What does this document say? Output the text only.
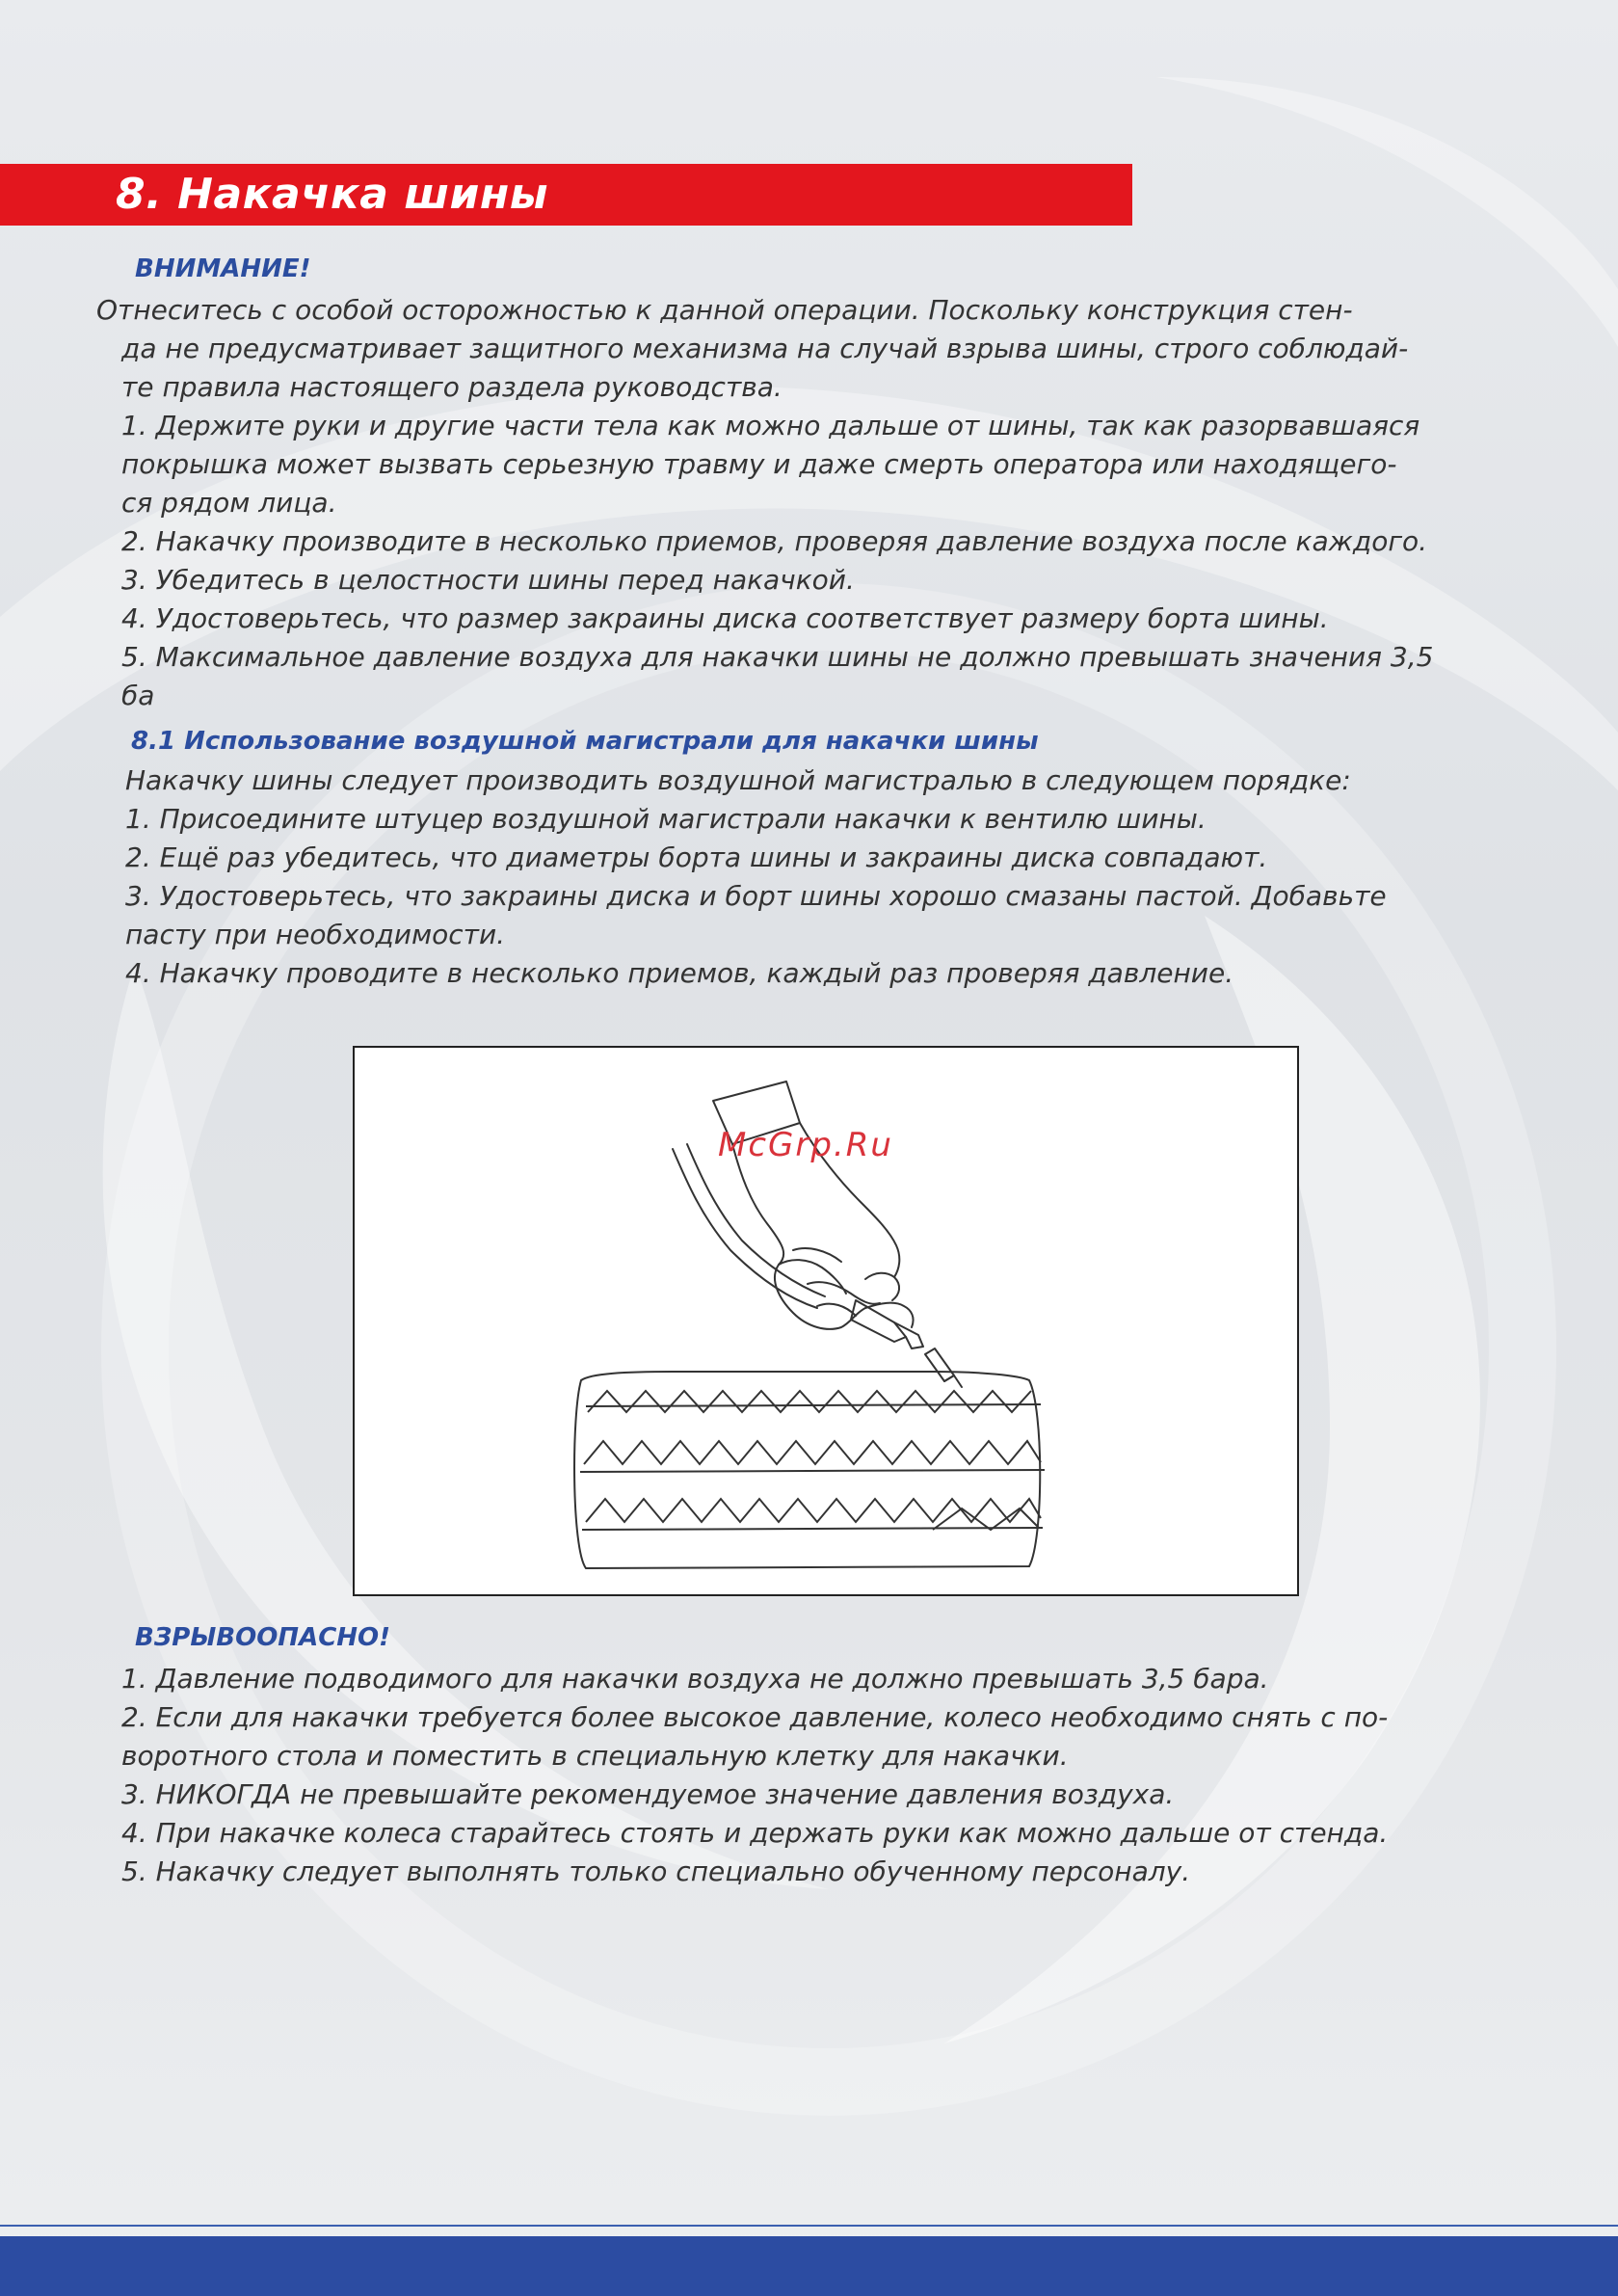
8. Накачка шины
ВНИМАНИЕ!

Отнеситесь с особой осторожностью к данной операции. Поскольку конструкция стен-

да не предусматривает защитного механизма на случай взрыва шины, строго соблюдай-

те правила настоящего раздела руководства.

1. Держите руки и другие части тела как можно дальше от шины, так как разорвавшаяся

покрышка может вызвать серьезную травму и даже смерть оператора или находящего-

ся рядом лица.

2. Накачку производите в несколько приемов, проверяя давление воздуха после каждого.

3. Убедитесь в целостности шины перед накачкой.

4. Удостоверьтесь, что размер закраины диска соответствует размеру борта шины.

5. Максимальное давление воздуха для накачки шины не должно превышать значения 3,5

ба

8.1 Использование воздушной магистрали для накачки шины

Накачку шины следует производить воздушной магистралью в следующем порядке:

1. Присоедините штуцер воздушной магистрали накачки к вентилю шины.

2. Ещё раз убедитесь, что диаметры борта шины и закраины диска совпадают.

3. Удостоверьтесь, что закраины диска и борт шины хорошо смазаны пастой. Добавьте

пасту при необходимости.

4. Накачку проводите в несколько приемов, каждый раз проверяя давление.

McGrp.Ru

ВЗРЫВООПАСНО!

1. Давление подводимого для накачки воздуха не должно превышать 3,5 бара.

2. Если для накачки требуется более высокое давление, колесо необходимо снять с по-

воротного стола и поместить в специальную клетку для накачки.

3. НИКОГДА не превышайте рекомендуемое значение давления воздуха.

4. При накачке колеса старайтесь стоять и держать руки как можно дальше от стенда.

5. Накачку следует выполнять только специально обученному персоналу.
